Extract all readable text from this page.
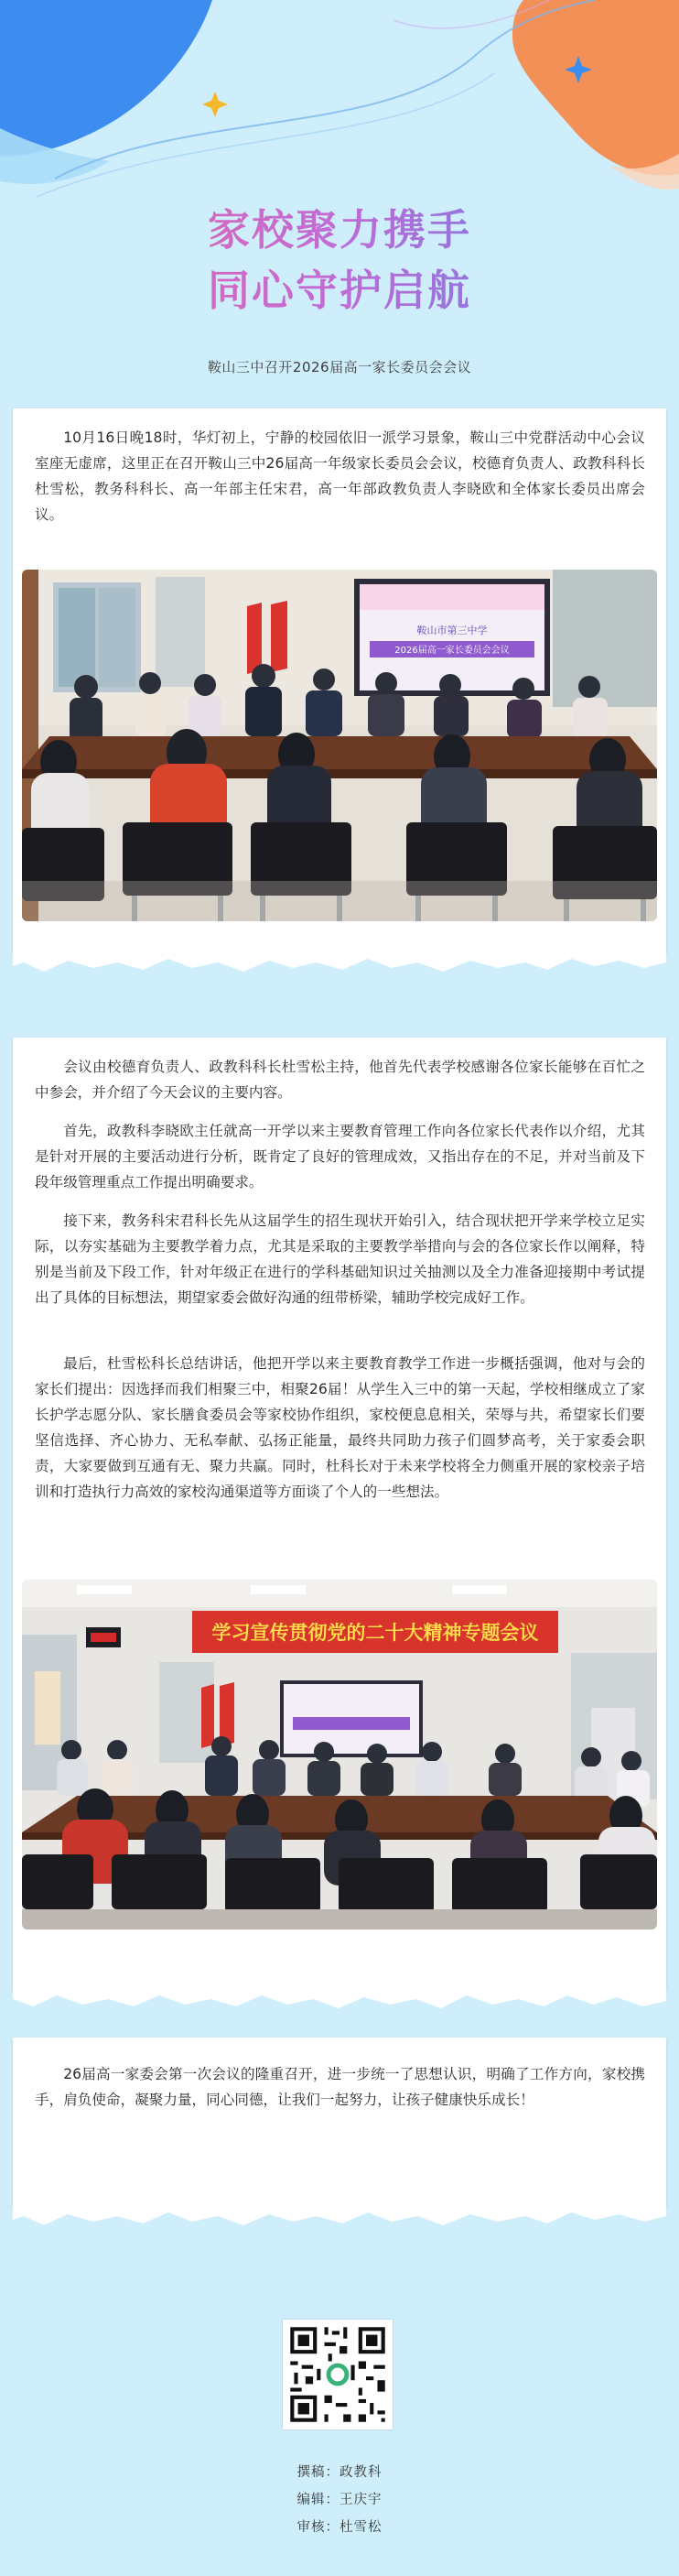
家校聚力携手
同心守护启航
鞍山三中召开2026届高一家长委员会会议

10月16日晚18时，华灯初上，宁静的校园依旧一派学习景象，鞍山三中党群活动中心会议室座无虚席，这里正在召开鞍山三中26届高一年级家长委员会会议，校德育负责人、政教科科长杜雪松，教务科科长、高一年部主任宋君，高一年部政教负责人李晓欧和全体家长委员出席会议。

鞍山市第三中学
2026届高一家长委员会会议

会议由校德育负责人、政教科科长杜雪松主持，他首先代表学校感谢各位家长能够在百忙之中参会，并介绍了今天会议的主要内容。

首先，政教科李晓欧主任就高一开学以来主要教育管理工作向各位家长代表作以介绍，尤其是针对开展的主要活动进行分析，既肯定了良好的管理成效，又指出存在的不足，并对当前及下段年级管理重点工作提出明确要求。

接下来，教务科宋君科长先从这届学生的招生现状开始引入，结合现状把开学来学校立足实际，以夯实基础为主要教学着力点，尤其是采取的主要教学举措向与会的各位家长作以阐释，特别是当前及下段工作，针对年级正在进行的学科基础知识过关抽测以及全力准备迎接期中考试提出了具体的目标想法，期望家委会做好沟通的纽带桥梁，辅助学校完成好工作。

最后，杜雪松科长总结讲话，他把开学以来主要教育教学工作进一步概括强调，他对与会的家长们提出：因选择而我们相聚三中，相聚26届！从学生入三中的第一天起，学校相继成立了家长护学志愿分队、家长膳食委员会等家校协作组织，家校便息息相关，荣辱与共，希望家长们要坚信选择、齐心协力、无私奉献、弘扬正能量，最终共同助力孩子们圆梦高考，关于家委会职责，大家要做到互通有无、聚力共赢。同时，杜科长对于未来学校将全力侧重开展的家校亲子培训和打造执行力高效的家校沟通渠道等方面谈了个人的一些想法。

学习宣传贯彻党的二十大精神专题会议

26届高一家委会第一次会议的隆重召开，进一步统一了思想认识，明确了工作方向，家校携手，肩负使命，凝聚力量，同心同德，让我们一起努力，让孩子健康快乐成长！

撰稿：政教科
编辑：王庆宇
审核：杜雪松
